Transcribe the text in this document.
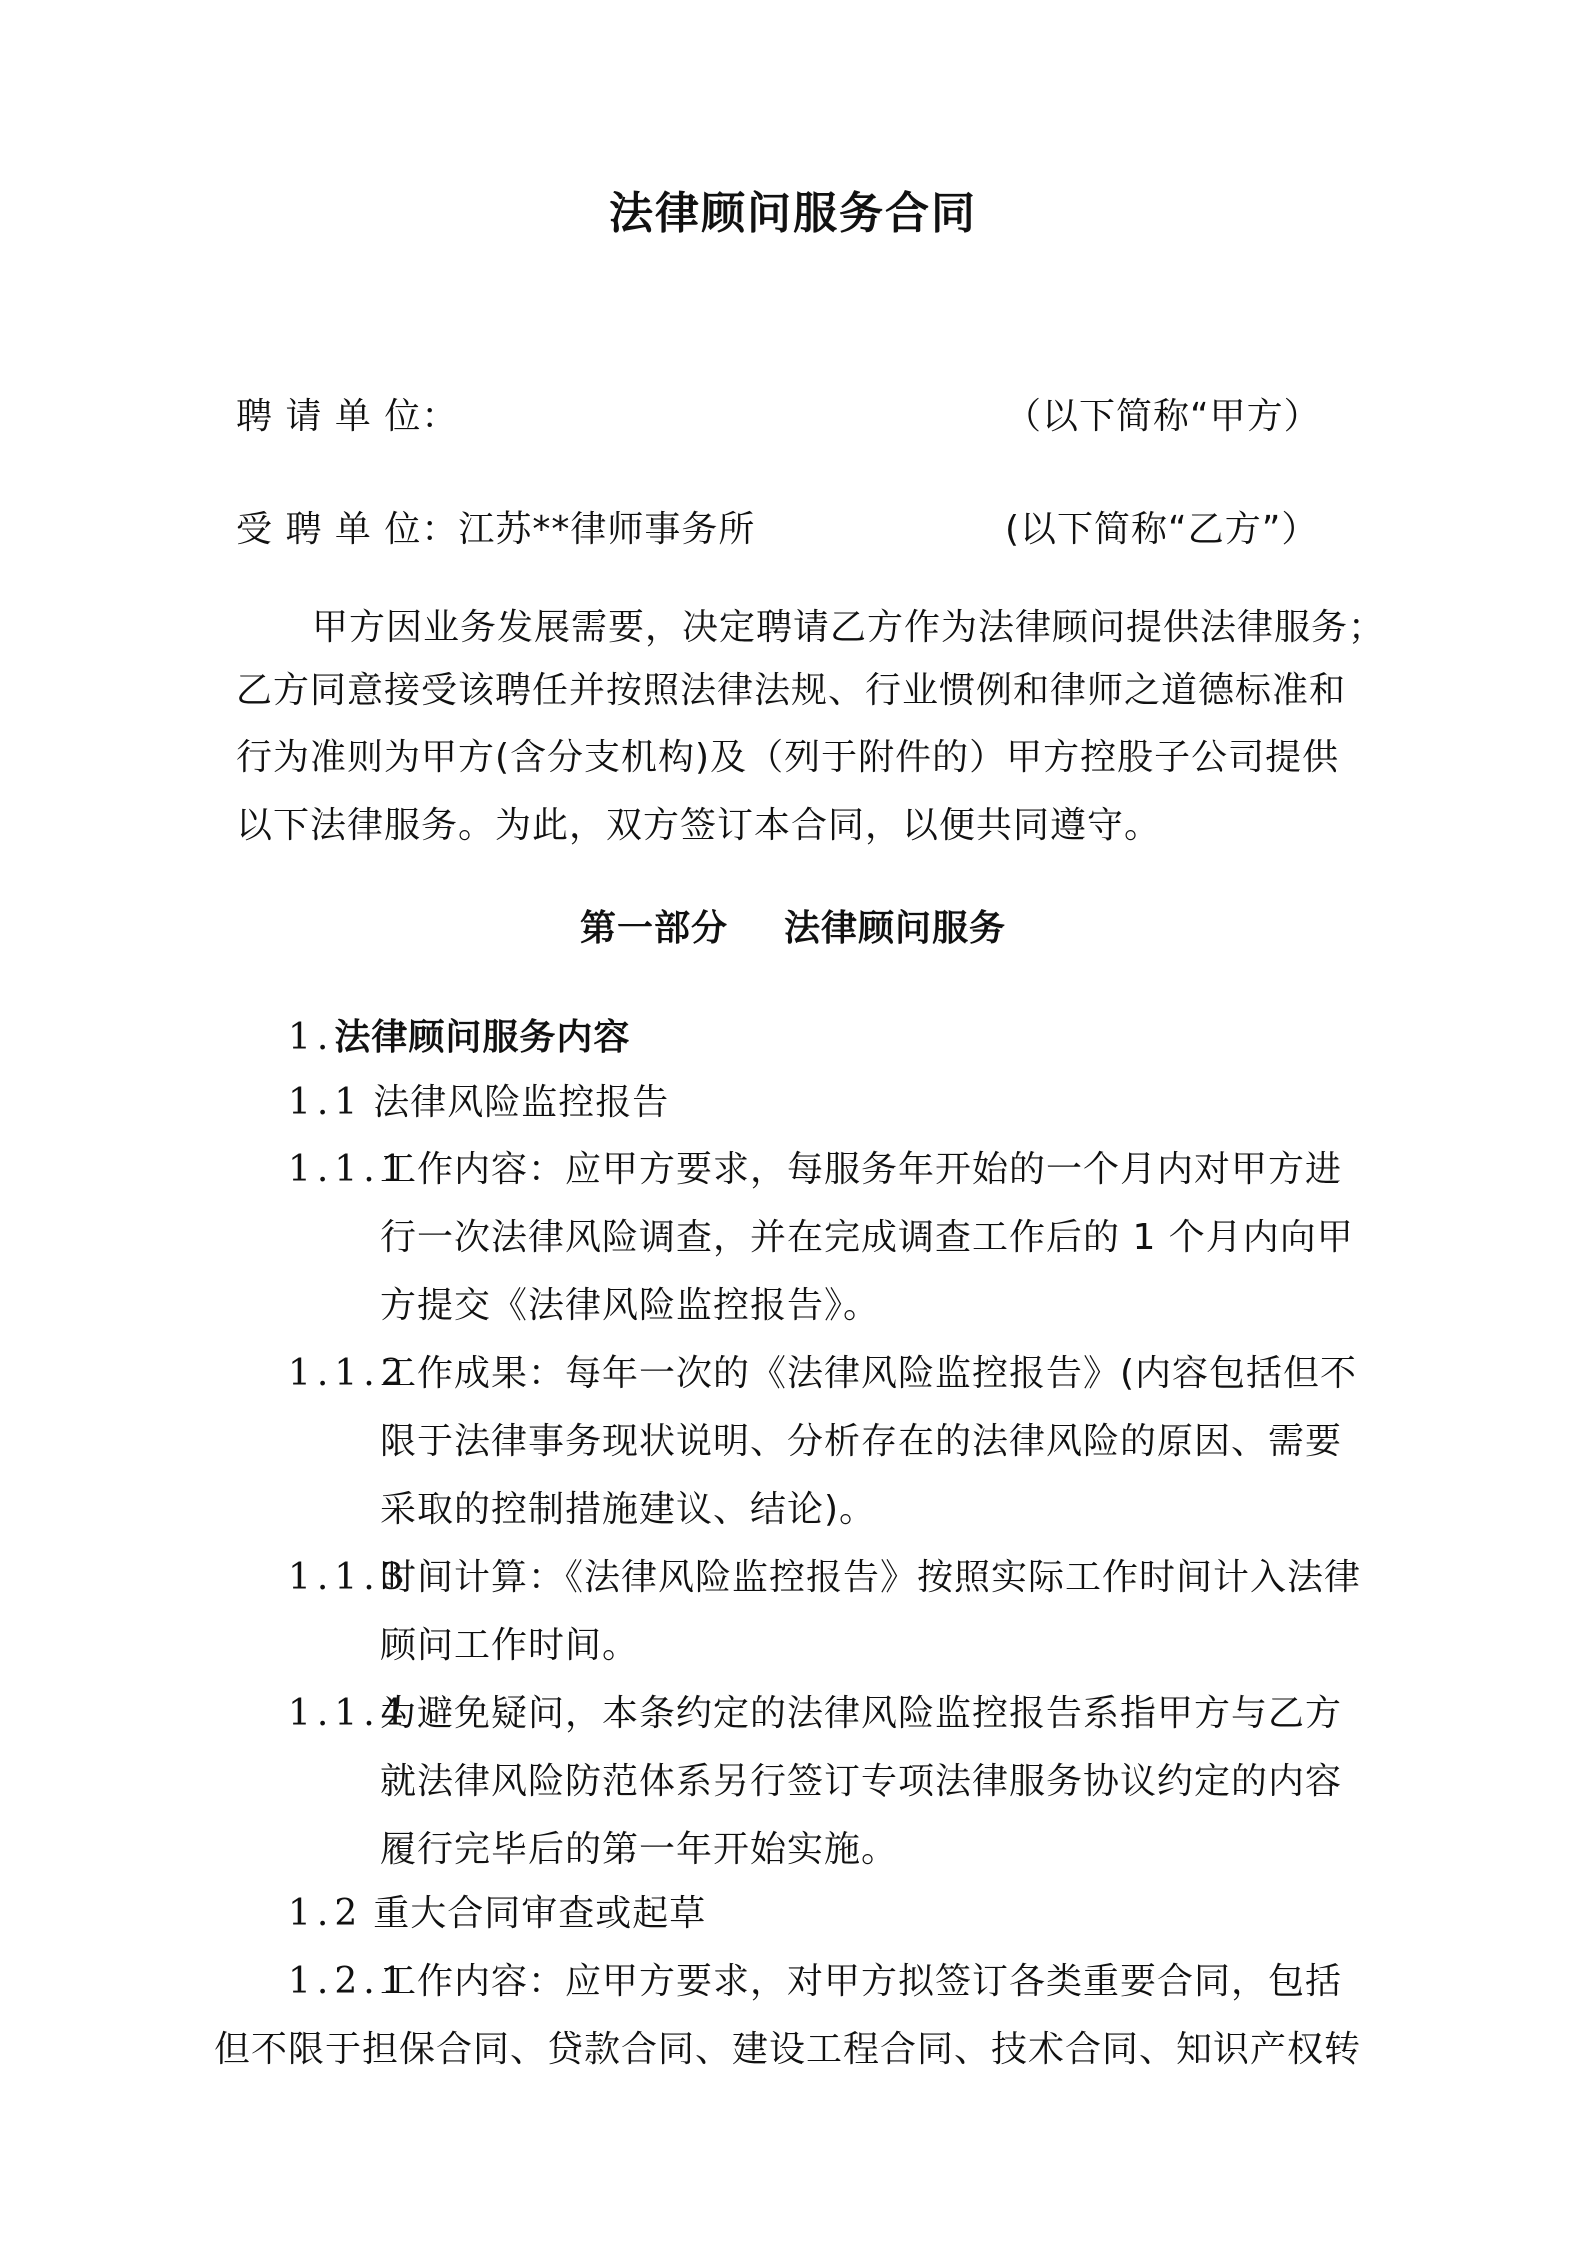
法律顾问服务合同
聘 请 单 位：	（以下简称“甲方）
受 聘 单 位：江苏**律师事务所	(以下简称“乙方”）
甲方因业务发展需要，决定聘请乙方作为法律顾问提供法律服务；
乙方同意接受该聘任并按照法律法规、行业惯例和律师之道德标准和
行为准则为甲方(含分支机构)及（列于附件的）甲方控股子公司提供
以下法律服务。为此，双方签订本合同，以便共同遵守。
第一部分 法律顾问服务
1.法律顾问服务内容
1.1 法律风险监控报告
1.1.1
工作内容：应甲方要求，每服务年开始的一个月内对甲方进
行一次法律风险调查，并在完成调查工作后的 1 个月内向甲
方提交《法律风险监控报告》。
1.1.2
工作成果：每年一次的《法律风险监控报告》(内容包括但不
限于法律事务现状说明、分析存在的法律风险的原因、需要
采取的控制措施建议、结论)。
1.1.3
时间计算：《法律风险监控报告》按照实际工作时间计入法律
顾问工作时间。
1.1.4
为避免疑问，本条约定的法律风险监控报告系指甲方与乙方
就法律风险防范体系另行签订专项法律服务协议约定的内容
履行完毕后的第一年开始实施。
1.2 重大合同审查或起草
1.2.1
工作内容：应甲方要求，对甲方拟签订各类重要合同，包括
但不限于担保合同、贷款合同、建设工程合同、技术合同、知识产权转
